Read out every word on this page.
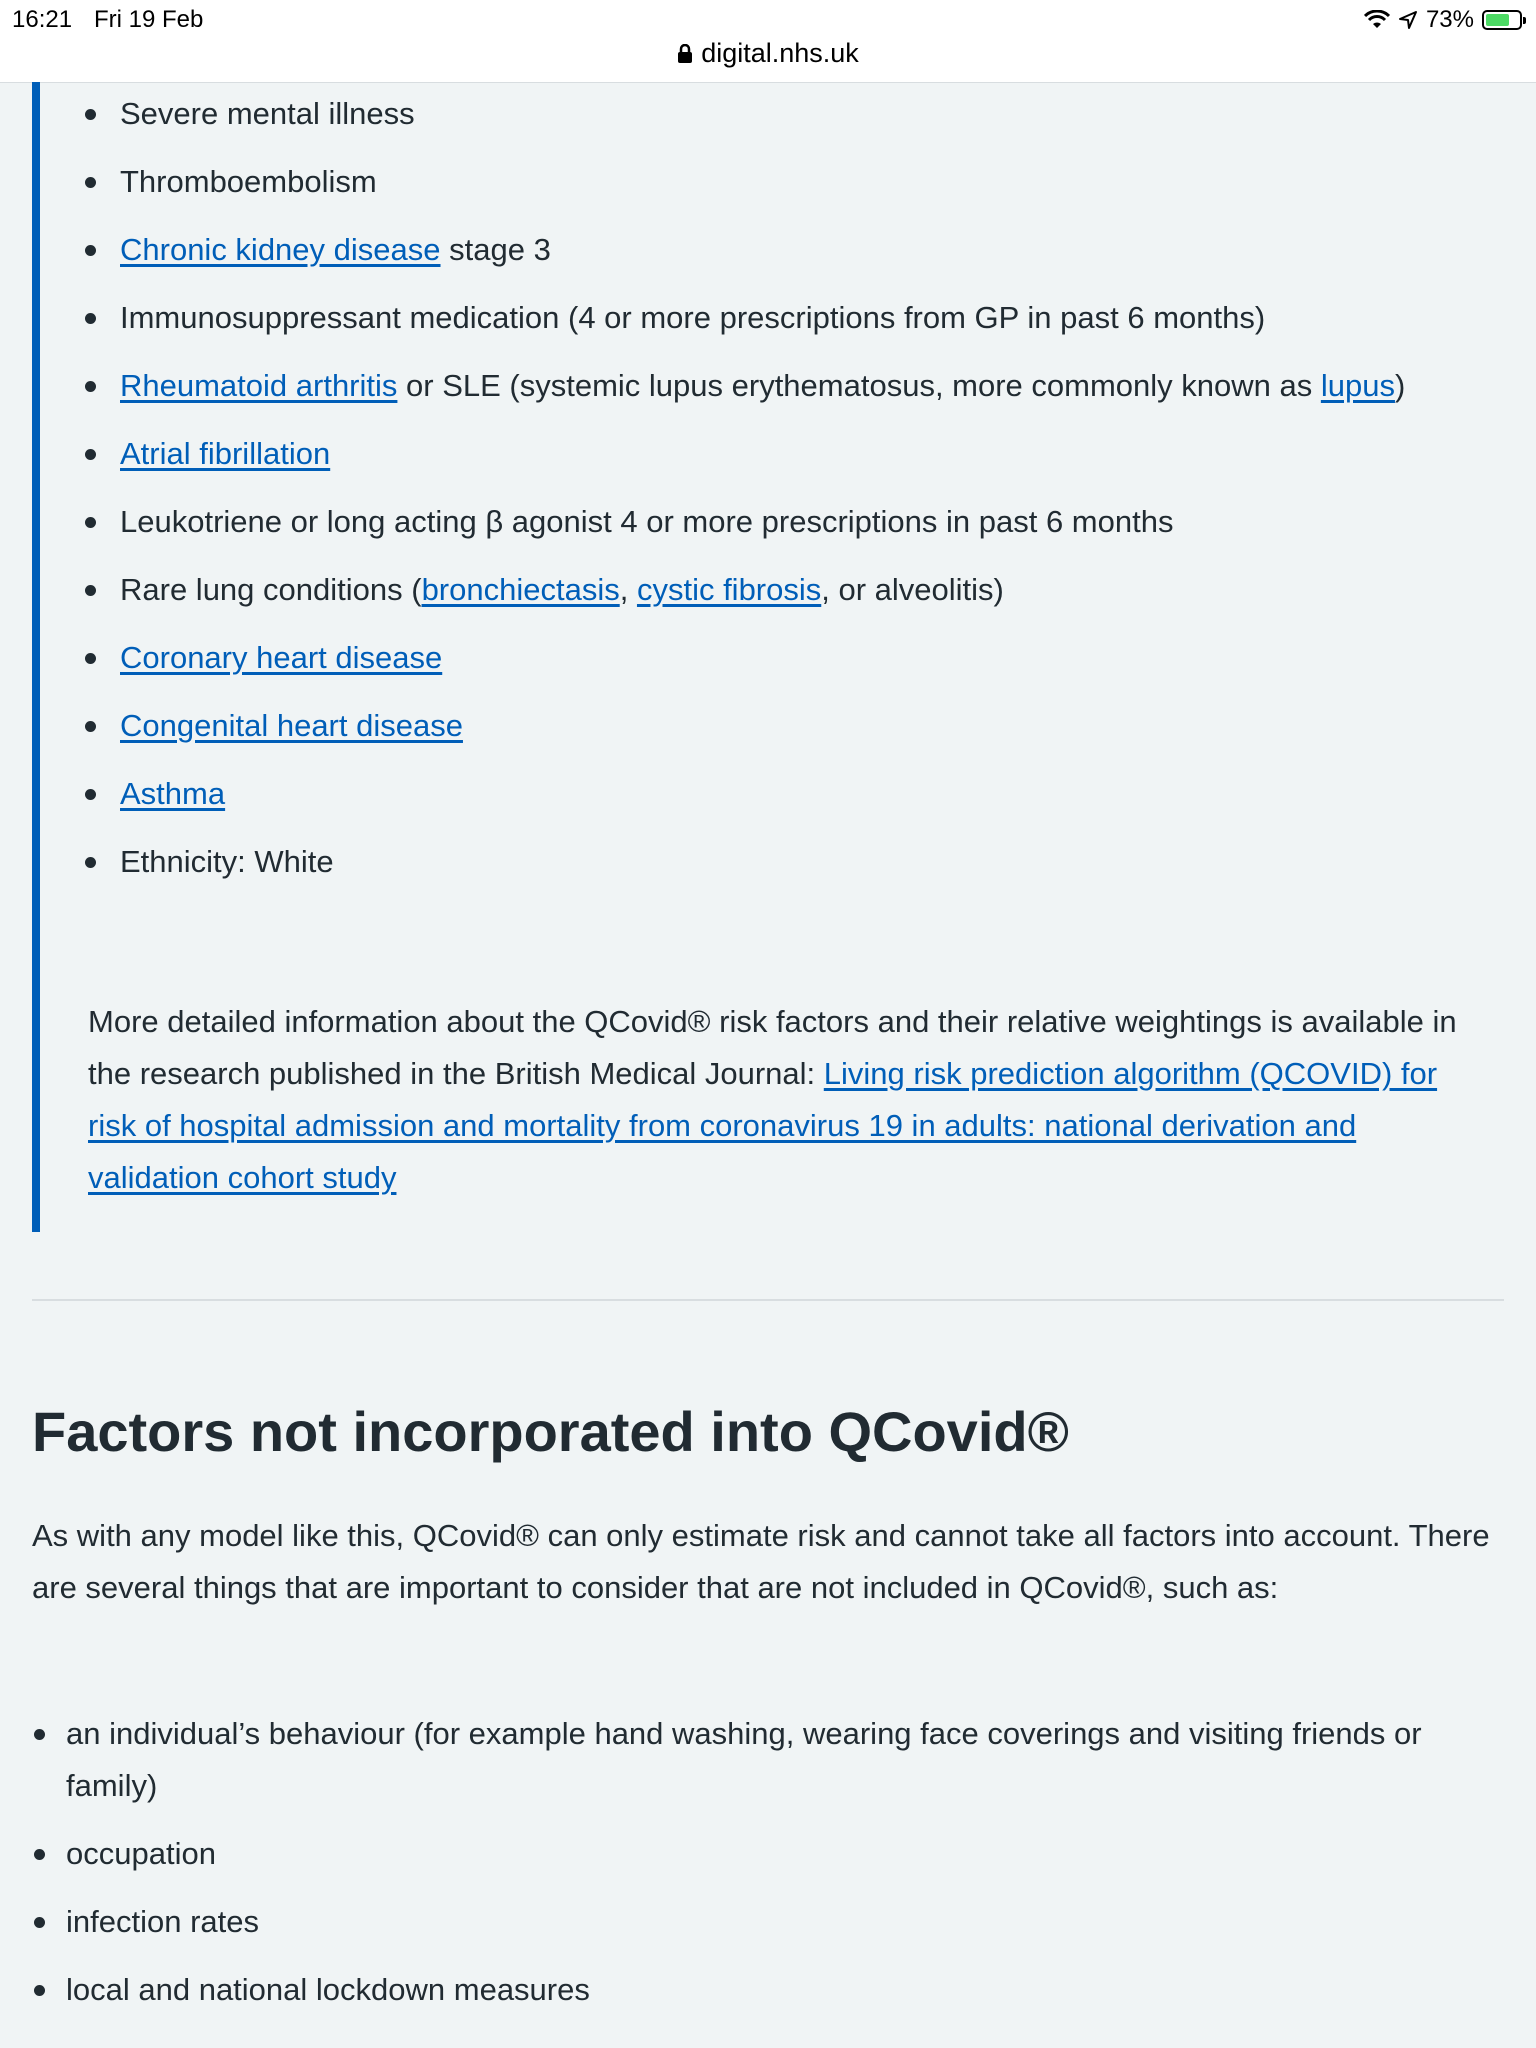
16:21 Fri 19 Feb	73%
digital.nhs.uk
Severe mental illness
Thromboembolism
Chronic kidney disease stage 3
Immunosuppressant medication (4 or more prescriptions from GP in past 6 months)
Rheumatoid arthritis or SLE (systemic lupus erythematosus, more commonly known as lupus)
Atrial fibrillation
Leukotriene or long acting β agonist 4 or more prescriptions in past 6 months
Rare lung conditions (bronchiectasis, cystic fibrosis, or alveolitis)
Coronary heart disease
Congenital heart disease
Asthma
Ethnicity: White

More detailed information about the QCovid® risk factors and their relative weightings is available in the research published in the British Medical Journal: Living risk prediction algorithm (QCOVID) for risk of hospital admission and mortality from coronavirus 19 in adults: national derivation and validation cohort study

Factors not incorporated into QCovid®

As with any model like this, QCovid® can only estimate risk and cannot take all factors into account. There are several things that are important to consider that are not included in QCovid®, such as:

an individual’s behaviour (for example hand washing, wearing face coverings and visiting friends or family)
occupation
infection rates
local and national lockdown measures
